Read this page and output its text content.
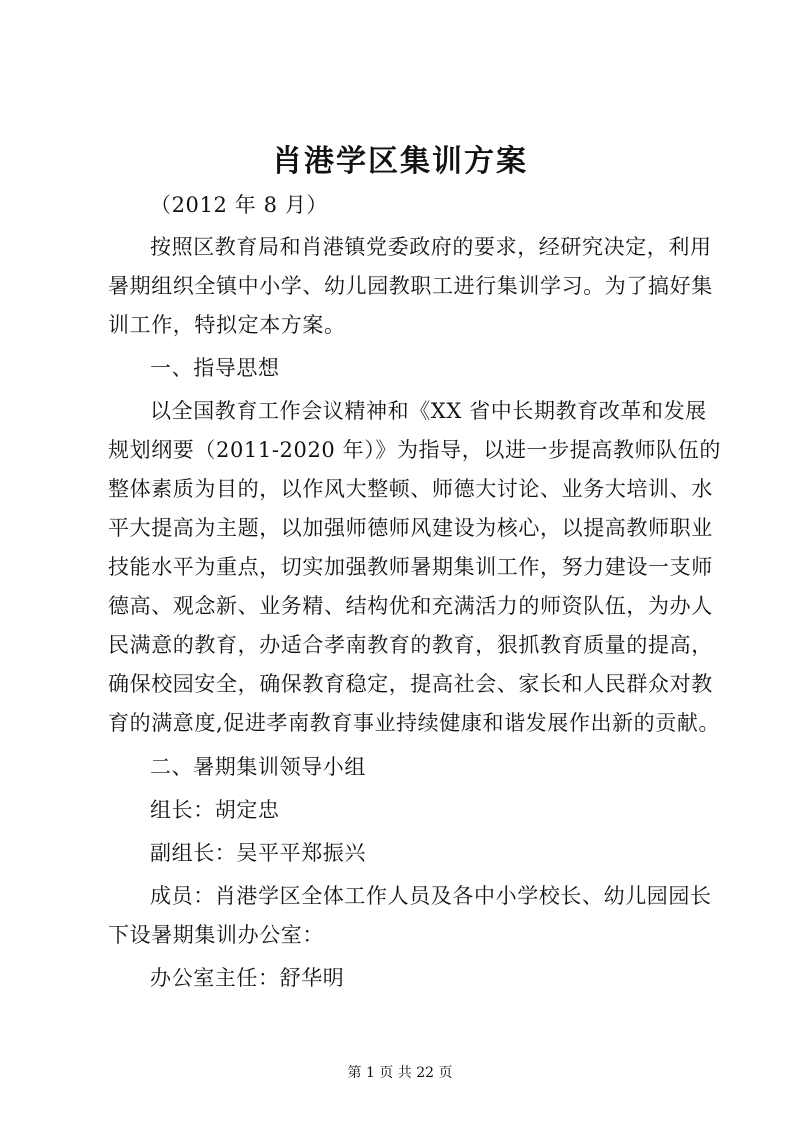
肖港学区集训方案
（2012 年 8 月）
按照区教育局和肖港镇党委政府的要求，经研究决定，利用
暑期组织全镇中小学、幼儿园教职工进行集训学习。为了搞好集
训工作，特拟定本方案。
一、指导思想
以全国教育工作会议精神和《XX 省中长期教育改革和发展
规划纲要（2011-2020 年）》为指导，以进一步提高教师队伍的
整体素质为目的，以作风大整顿、师德大讨论、业务大培训、水
平大提高为主题，以加强师德师风建设为核心，以提高教师职业
技能水平为重点，切实加强教师暑期集训工作，努力建设一支师
德高、观念新、业务精、结构优和充满活力的师资队伍，为办人
民满意的教育，办适合孝南教育的教育，狠抓教育质量的提高，
确保校园安全，确保教育稳定，提高社会、家长和人民群众对教
育的满意度,促进孝南教育事业持续健康和谐发展作出新的贡献。
二、暑期集训领导小组
组长：胡定忠
副组长：吴平平郑振兴
成员：肖港学区全体工作人员及各中小学校长、幼儿园园长
下设暑期集训办公室：
办公室主任：舒华明
第 1 页 共 22 页
